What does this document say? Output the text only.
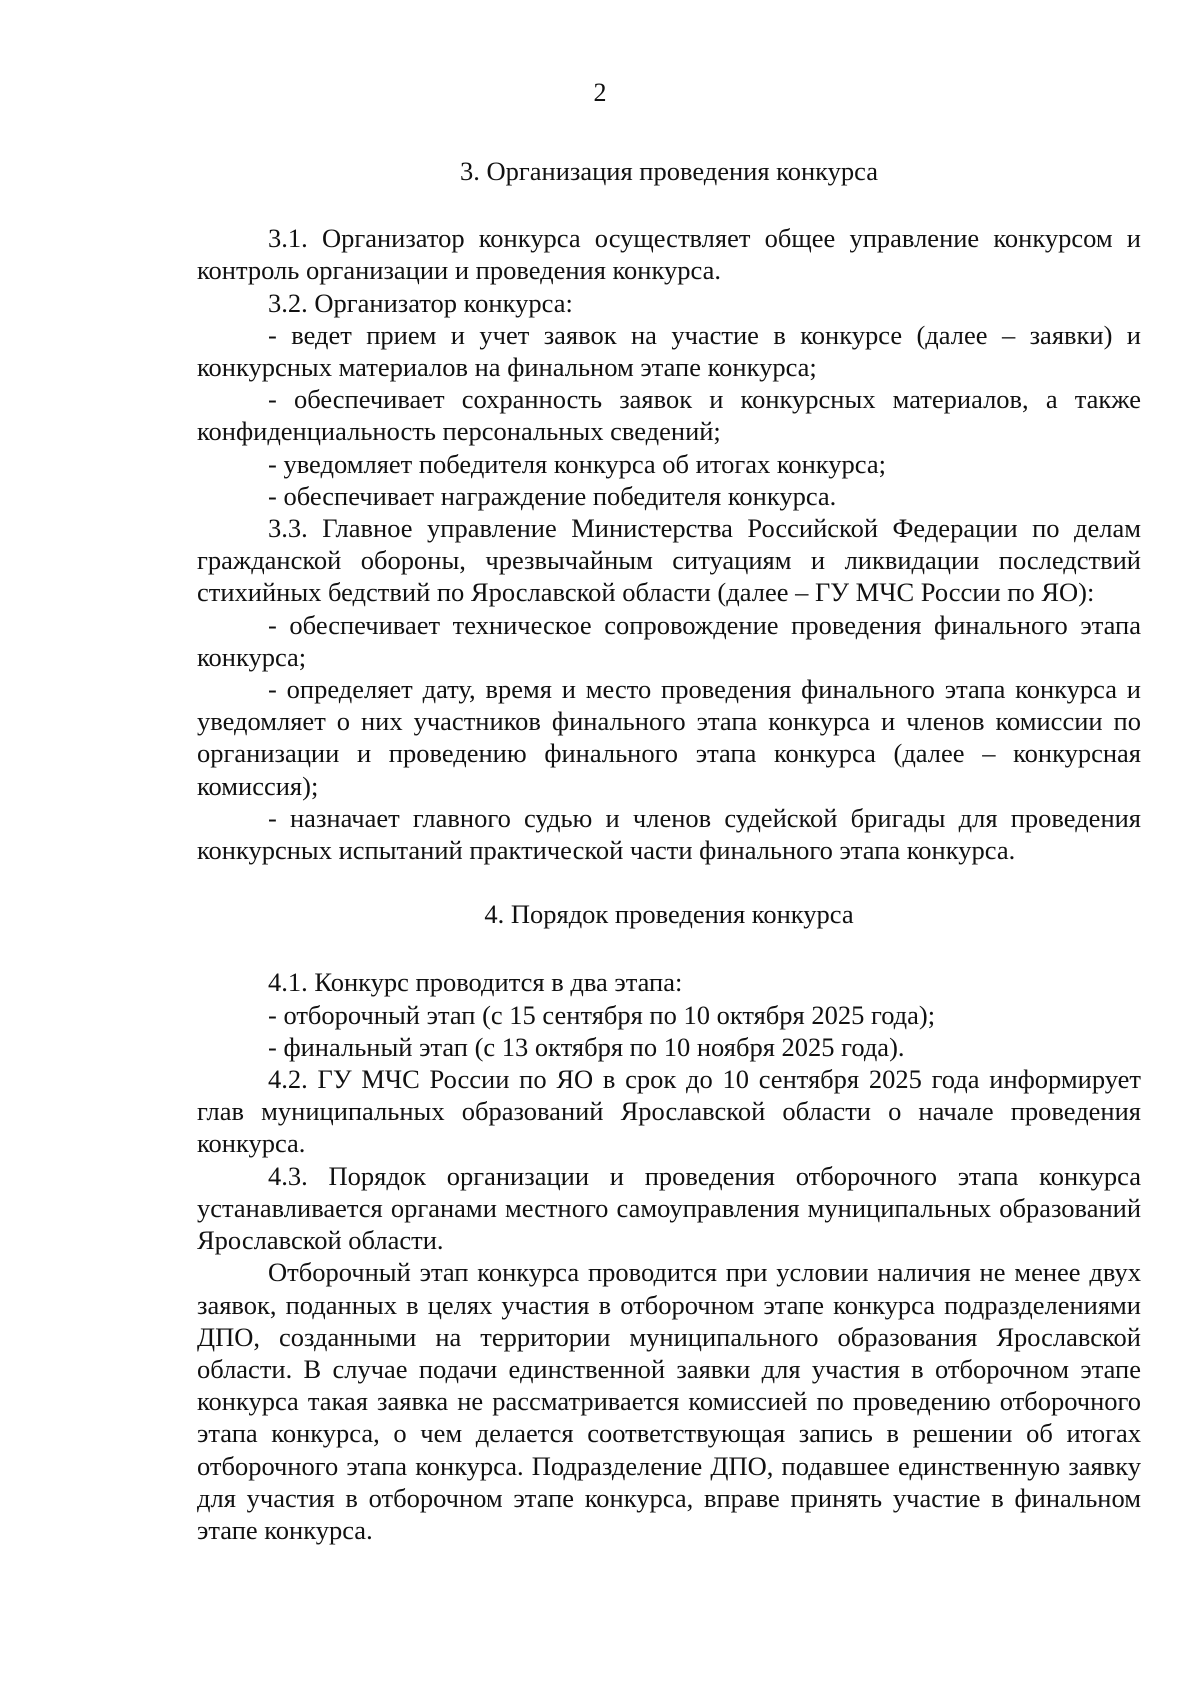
2
3. Организация проведения конкурса

3.1. Организатор конкурса осуществляет общее управление конкурсом и контроль организации и проведения конкурса.

3.2. Организатор конкурса:

- ведет прием и учет заявок на участие в конкурсе (далее – заявки) и конкурсных материалов на финальном этапе конкурса;

- обеспечивает сохранность заявок и конкурсных материалов, а также конфиденциальность персональных сведений;

- уведомляет победителя конкурса об итогах конкурса;

- обеспечивает награждение победителя конкурса.

3.3. Главное управление Министерства Российской Федерации по делам гражданской обороны, чрезвычайным ситуациям и ликвидации последствий стихийных бедствий по Ярославской области (далее – ГУ МЧС России по ЯО):

- обеспечивает техническое сопровождение проведения финального этапа конкурса;

- определяет дату, время и место проведения финального этапа конкурса и уведомляет о них участников финального этапа конкурса и членов комиссии по организации и проведению финального этапа конкурса (далее – конкурсная комиссия);

- назначает главного судью и членов судейской бригады для проведения конкурсных испытаний практической части финального этапа конкурса.

4. Порядок проведения конкурса

4.1. Конкурс проводится в два этапа:

- отборочный этап (с 15 сентября по 10 октября 2025 года);

- финальный этап (с 13 октября по 10 ноября 2025 года).

4.2. ГУ МЧС России по ЯО в срок до 10 сентября 2025 года информирует глав муниципальных образований Ярославской области о начале проведения конкурса.

4.3. Порядок организации и проведения отборочного этапа конкурса устанавливается органами местного самоуправления муниципальных образований Ярославской области.

Отборочный этап конкурса проводится при условии наличия не менее двух заявок, поданных в целях участия в отборочном этапе конкурса подразделениями ДПО, созданными на территории муниципального образования Ярославской области. В случае подачи единственной заявки для участия в отборочном этапе конкурса такая заявка не рассматривается комиссией по проведению отборочного этапа конкурса, о чем делается соответствующая запись в решении об итогах отборочного этапа конкурса. Подразделение ДПО, подавшее единственную заявку для участия в отборочном этапе конкурса, вправе принять участие в финальном этапе конкурса.
